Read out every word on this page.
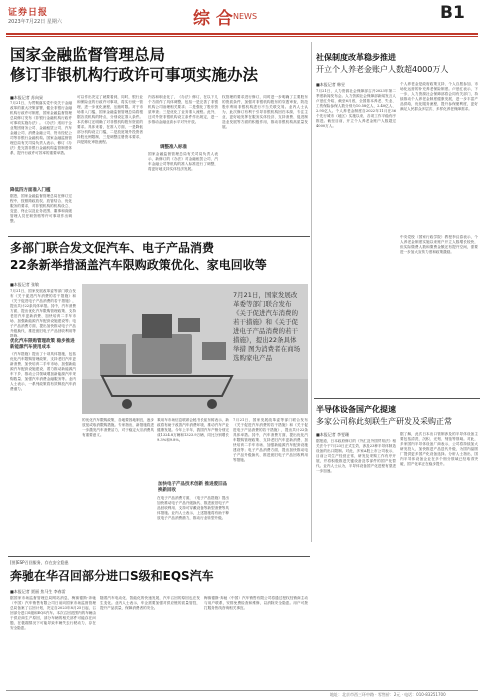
证券日报
2023年7月22日 星期六	综 合 NEWS	B1
国家金融监督管理总局
修订非银机构行政许可事项实施办法
■本报记者 苏向杲
7月21日，为贯彻落实党中央关于金融改革的重大决策部署，健全非银行金融机构行政许可制度，国家金融监督管理总局修订发布《非银行金融机构行政许可事项实施办法》。《办法》适用于企业集团财务公司、金融租赁公司、汽车金融公司、消费金融公司、货币经纪公司等非银行金融机构。国家金融监督管理总局有关司局负责人表示，修订《办法》是完善非银行金融机构监管制度体系、提升行政许可效率的重要举措。
降低四方面准入门槛
据悉，国家金融监督管理总局在修订过程中，按照简政放权、放管结合、优化服务的要求，对非银机构的机构设立、变更、终止以及业务范围、董事和高级管理人员任职资格等许可事项作出调整。
可以作出决定了就要看到，同时，银行业和保险业的行政许可事项，将实行统一管理，进一步优化流程，压缩时限。对于市场准入门槛，国家金融监督管理总局将根据各类机构的特点，分别设定准入条件。本次修订还明确了对非银机构股东资质的要求。具体来看，在准入方面，一是降低部分机构设立门槛，二是放宽境外投资者持股比例限制，三是调整注册资本要求，四是简化审批流程。
内容和职业化了，《办法》修订，在以下几个方面作了具体调整，包括一是完善了非银机构公司治理相关要求；二是强化了股东资质审查；三是优化了业务准入流程。此外，还对外资非银机构设立条件作出规定，进一步推动金融业高水平对外开放。
调整准入标准
国家金融监督管理总局有关司局负责人表示，新修订的《办法》对金融租赁公司、汽车金融公司等机构的准入标准进行了调整，将更好地支持实体经济发展。
权管理的要求进行修订，同时进一步明确了主要股东的资质条件，加强对非银机构股东的穿透审查，防范股东利用非银机构进行不当关联交易。业内人士认为，此次修订有利于引导非银机构回归本源，专注主业，更好地发挥在服务实体经济、支持消费、促进制造业发展等方面的积极作用，推动非银机构高质量发展。
社保制度改革稳步推进
开立个人养老金账户人数超4000万人
■本报记者 韩昱
7月21日，人力资源社会保障部召开2023年第二季度新闻发布会。人力资源社会保障部新闻发言人卢爱红介绍，截至6月底，全国基本养老、失业、工伤保险参保人数分别为10.58亿人、2.40亿人、2.95亿人。个人养老金制度自2022年11月在36个先行城市（地区）实施以来，各项工作平稳有序推进。截至目前，开立个人养老金账户人数超过4000万人。
个人养老金是政府政策支持、个人自愿参加、市场化运营的补充养老保险制度。卢爱红表示，下一步，人力资源社会保障部将会同有关部门，持续推动个人养老金制度健康发展，进一步丰富产品供给，优化服务流程，提升参保便利度，更好满足人民群众多层次、多样化养老保障需求。
中央党校（国家行政学院）教授李汉春表示，个人养老金制度实施以来账户开立人数增长较快，但实际缴费人数和缴费金额还有提升空间，需要进一步加大宣传力度和政策激励。
多部门联合发文促汽车、电子产品消费
22条新举措涵盖汽车限购政策优化、家电回收等
■本报记者 张敏
7月21日，国家发展改革委等部门联合发布《关于促进汽车消费的若干措施》和《关于促进电子产品消费的若干措施》，提出共计22条具体举措。其中，汽车消费方面，提出优化汽车限购管理政策、支持老旧汽车更新消费、加快培育二手车市场、加强新能源汽车配套设施建设等；电子产品消费方面，提出加快推动电子产品升级换代、推进废旧电子产品回收利用等措施。
优化汽车限购管理政策 稳步推进新能源汽车使用成本
《汽车措施》提出了十项具体措施，包括优化汽车限购管理政策、支持老旧汽车更新消费、加快培育二手车市场、加强新能源汽车配套设施建设、着力推动新能源汽车下乡、推动公共领域增加新能源汽车采购数量、加强汽车消费金融服务等。业内人士表示，一系列政策将有效释放汽车消费潜力。
7月21日，国家发展改革委等部门联合发布《关于促进汽车消费的若干措施》和《关于促进电子产品消费的若干措施》，提出22条具体举措 图为消费者在商场选购家电产品
的优化汽车限购政策，各地要因地制宜，逐步放宽或取消限购措施。专家指出，新措施将进一步激发汽车消费活力，对于稳定大宗消费具有重要意义。
乘用车市场信息联席会秘书长崔东树表示，新政将有助于改善汽车消费环境，推动汽车产业健康发展。今年上半年，我国汽车产销分别完成1324.8万辆和1323.9万辆，同比分别增长9.3%和9.8%。
加快电子产品技术创新 推进废旧品换新回收
在电子产品消费方面，《电子产品措施》提出加快推动电子产品升级换代、推进废旧电子产品回收利用、支持可穿戴设备等新型消费等具体措施。业内人士表示，上述措施将有助于释放电子产品消费潜力，推动行业转型升级。
7月21日，国家发展改革委等部门联合发布《关于促进汽车消费的若干措施》和《关于促进电子产品消费的若干措施》，提出共计22条具体举措。其中，汽车消费方面，提出优化汽车限购管理政策、支持老旧汽车更新消费、加快培育二手车市场、加强新能源汽车配套设施建设等；电子产品消费方面，提出加快推动电子产品升级换代、推进废旧电子产品回收利用等措施。
半导体设备国产化提速
多家公司称此刻联生产研发及采购正常
■本报记者 李雯珊
据报道，日本政府修订的《外汇及外国贸易法》相关法令于7月23日正式生效，涉及23种半导体制造设备的出口限制。对此，多家A股上市公司表示，目前公司生产经营正常，研发及采购工作有序开展，并将积极推进关键设备及零部件的国产化替代。业内人士认为，半导体设备国产化进程有望进一步加速。
据了解，此次日本出口管制涉及的半导体设备主要包括清洗、沉积、光刻、刻蚀等领域。对此，多家国内半导体设备厂商表示，公司将持续加大研发投入，加快推进产品迭代升级，为国内晶圆厂提供更多国产化设备选择。分析人士指出，国内半导体设备企业在多个细分领域已经取得突破，国产化率正在稳步提升。
[图]ESP召回服务，存在安全隐患
奔驰在华召回部分进口S级和EQS汽车
■本报记者 贾丽 焦马生 李春雷
据国家市场监督管理总局网站消息，梅赛德斯-奔驰（中国）汽车销售有限公司日前向国家市场监督管理总局备案了召回计划，决定自2023年8月25日起，召回部分进口S级和EQS汽车。本次召回范围内的车辆由于供应商生产原因，部分车辆的相关部件可能存在问题，在极端情况下可能导致车辆失去行驶动力，存在安全隐患。
随着汽车电动化、智能化的快速发展，汽车召回的原因也在发生变化。业内人士表示，车企需要加强对供应链的质量管控，提升产品质量，保障消费者的安全。
梅赛德斯-奔驰（中国）汽车销售有限公司将通过授权经销商主动与用户联系，安排免费检查和维修，以消除安全隐患。用户可拨打服务热线咨询相关事宜。
地址：北京市西三环中路 · 零售价：2元 · 电话：010-83251700
